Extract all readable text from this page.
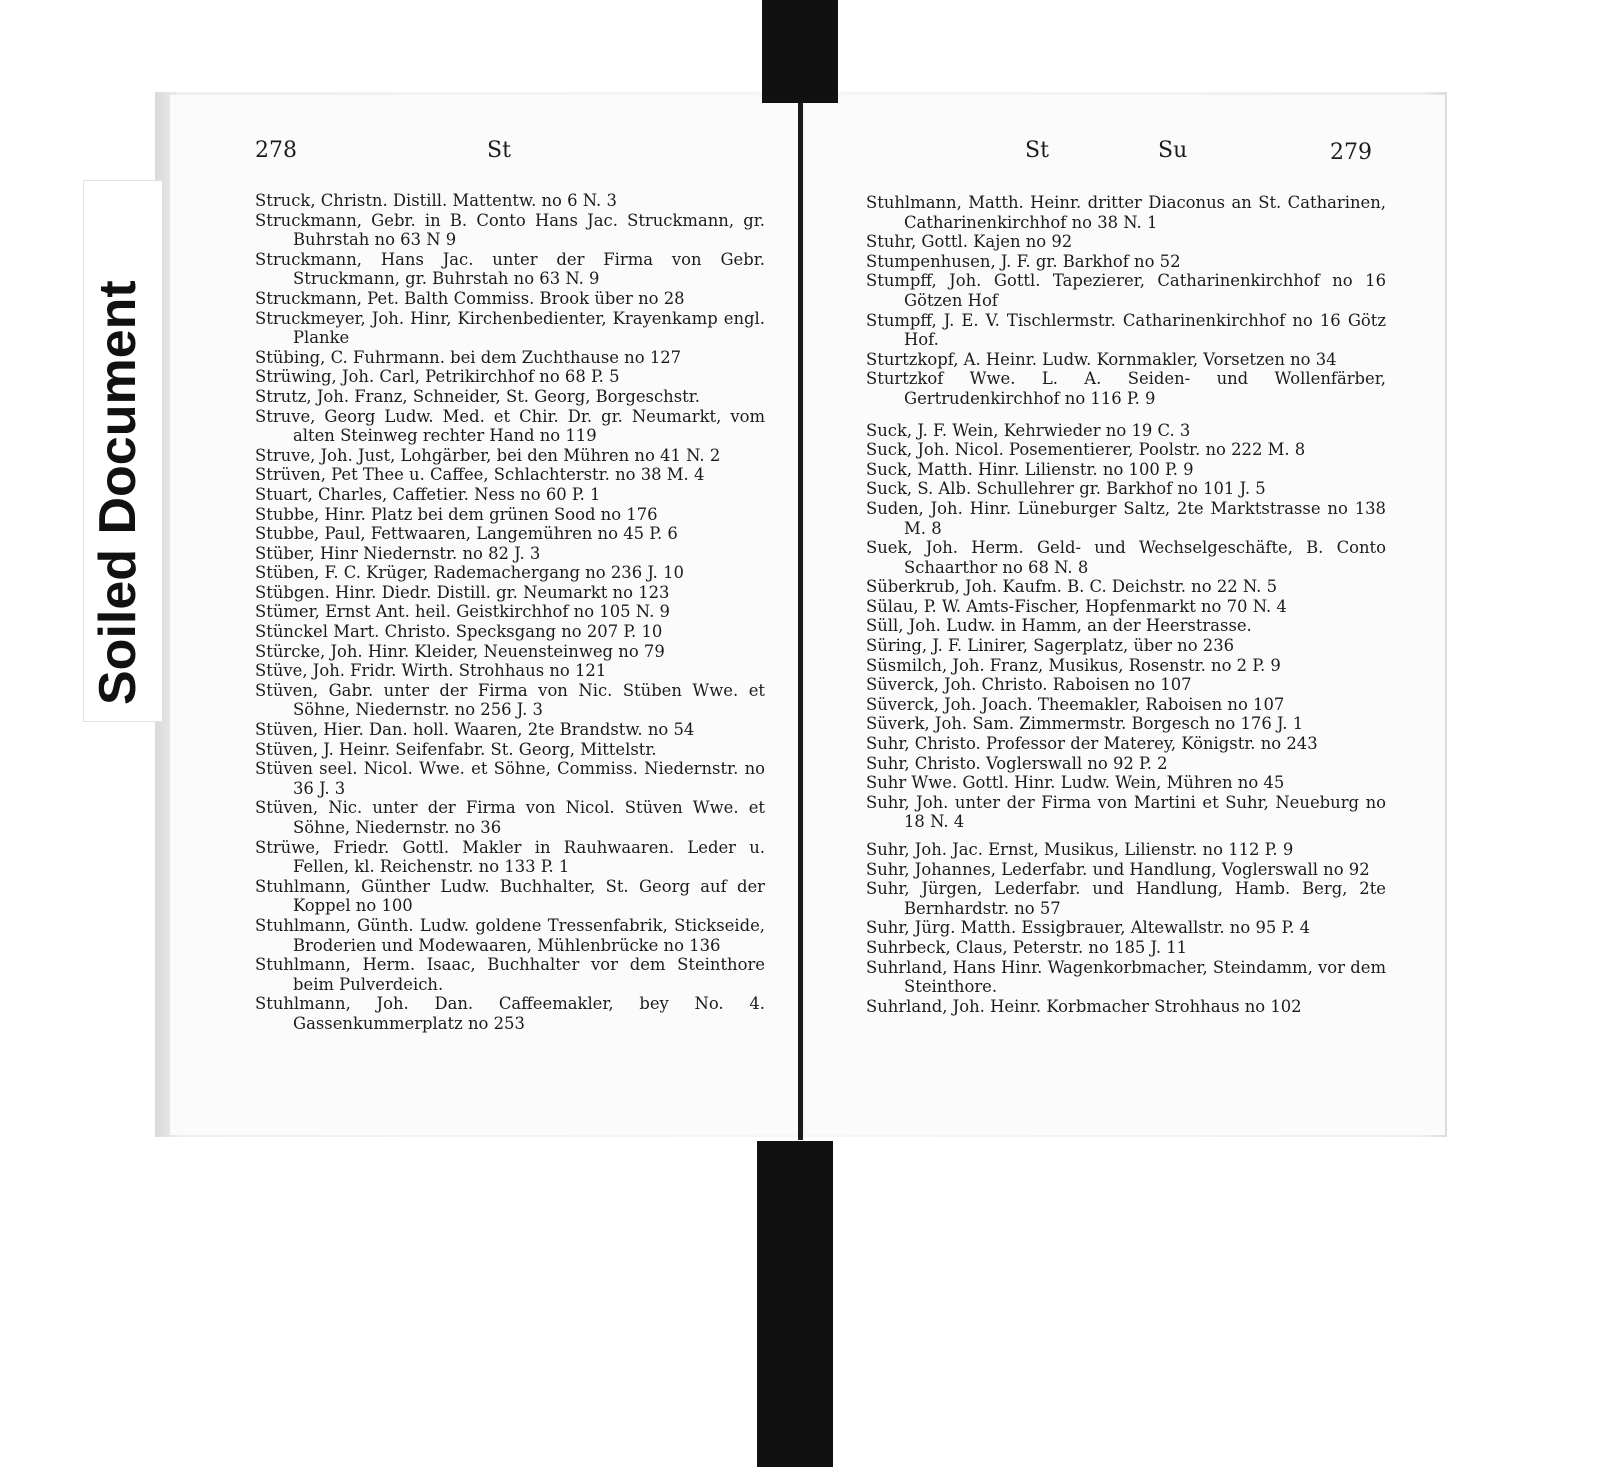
Soiled Document
278	St	St	Su	279
Struck, Christn. Distill. Mattentw. no 6 N. 3
Struckmann, Gebr. in B. Conto Hans Jac. Struckmann, gr. Buhrstah no 63 N 9
Struckmann, Hans Jac. unter der Firma von Gebr. Struckmann, gr. Buhrstah no 63 N. 9
Struckmann, Pet. Balth Commiss. Brook über no 28
Struckmeyer, Joh. Hinr, Kirchenbedienter, Krayenkamp engl. Planke
Stübing, C. Fuhrmann. bei dem Zuchthause no 127
Strüwing, Joh. Carl, Petrikirchhof no 68 P. 5
Strutz, Joh. Franz, Schneider, St. Georg, Borgeschstr.
Struve, Georg Ludw. Med. et Chir. Dr. gr. Neumarkt, vom alten Steinweg rechter Hand no 119
Struve, Joh. Just, Lohgärber, bei den Mühren no 41 N. 2
Strüven, Pet Thee u. Caffee, Schlachterstr. no 38 M. 4
Stuart, Charles, Caffetier. Ness no 60 P. 1
Stubbe, Hinr. Platz bei dem grünen Sood no 176
Stubbe, Paul, Fettwaaren, Langemühren no 45 P. 6
Stüber, Hinr Niedernstr. no 82 J. 3
Stüben, F. C. Krüger, Rademachergang no 236 J. 10
Stübgen. Hinr. Diedr. Distill. gr. Neumarkt no 123
Stümer, Ernst Ant. heil. Geistkirchhof no 105 N. 9
Stünckel Mart. Christo. Specksgang no 207 P. 10
Stürcke, Joh. Hinr. Kleider, Neuensteinweg no 79
Stüve, Joh. Fridr. Wirth. Strohhaus no 121
Stüven, Gabr. unter der Firma von Nic. Stüben Wwe. et Söhne, Niedernstr. no 256 J. 3
Stüven, Hier. Dan. holl. Waaren, 2te Brandstw. no 54
Stüven, J. Heinr. Seifenfabr. St. Georg, Mittelstr.
Stüven seel. Nicol. Wwe. et Söhne, Commiss. Niedernstr. no 36 J. 3
Stüven, Nic. unter der Firma von Nicol. Stüven Wwe. et Söhne, Niedernstr. no 36
Strüwe, Friedr. Gottl. Makler in Rauhwaaren. Leder u. Fellen, kl. Reichenstr. no 133 P. 1
Stuhlmann, Günther Ludw. Buchhalter, St. Georg auf der Koppel no 100
Stuhlmann, Günth. Ludw. goldene Tressenfabrik, Stickseide, Broderien und Modewaaren, Mühlenbrücke no 136
Stuhlmann, Herm. Isaac, Buchhalter vor dem Steinthore beim Pulverdeich.
Stuhlmann, Joh. Dan. Caffeemakler, bey No. 4. Gassenkummerplatz no 253
Stuhlmann, Matth. Heinr. dritter Diaconus an St. Catharinen, Catharinenkirchhof no 38 N. 1
Stuhr, Gottl. Kajen no 92
Stumpenhusen, J. F. gr. Barkhof no 52
Stumpff, Joh. Gottl. Tapezierer, Catharinenkirchhof no 16 Götzen Hof
Stumpff, J. E. V. Tischlermstr. Catharinenkirchhof no 16 Götz Hof.
Sturtzkopf, A. Heinr. Ludw. Kornmakler, Vorsetzen no 34
Sturtzkof Wwe. L. A. Seiden- und Wollenfärber, Gertrudenkirchhof no 116 P. 9
Suck, J. F. Wein, Kehrwieder no 19 C. 3
Suck, Joh. Nicol. Posementierer, Poolstr. no 222 M. 8
Suck, Matth. Hinr. Lilienstr. no 100 P. 9
Suck, S. Alb. Schullehrer gr. Barkhof no 101 J. 5
Suden, Joh. Hinr. Lüneburger Saltz, 2te Marktstrasse no 138 M. 8
Suek, Joh. Herm. Geld- und Wechselgeschäfte, B. Conto Schaarthor no 68 N. 8
Süberkrub, Joh. Kaufm. B. C. Deichstr. no 22 N. 5
Sülau, P. W. Amts-Fischer, Hopfenmarkt no 70 N. 4
Süll, Joh. Ludw. in Hamm, an der Heerstrasse.
Süring, J. F. Linirer, Sagerplatz, über no 236
Süsmilch, Joh. Franz, Musikus, Rosenstr. no 2 P. 9
Süverck, Joh. Christo. Raboisen no 107
Süverck, Joh. Joach. Theemakler, Raboisen no 107
Süverk, Joh. Sam. Zimmermstr. Borgesch no 176 J. 1
Suhr, Christo. Professor der Materey, Königstr. no 243
Suhr, Christo. Voglerswall no 92 P. 2
Suhr Wwe. Gottl. Hinr. Ludw. Wein, Mühren no 45
Suhr, Joh. unter der Firma von Martini et Suhr, Neueburg no 18 N. 4
Suhr, Joh. Jac. Ernst, Musikus, Lilienstr. no 112 P. 9
Suhr, Johannes, Lederfabr. und Handlung, Voglerswall no 92
Suhr, Jürgen, Lederfabr. und Handlung, Hamb. Berg, 2te Bernhardstr. no 57
Suhr, Jürg. Matth. Essigbrauer, Altewallstr. no 95 P. 4
Suhrbeck, Claus, Peterstr. no 185 J. 11
Suhrland, Hans Hinr. Wagenkorbmacher, Steindamm, vor dem Steinthore.
Suhrland, Joh. Heinr. Korbmacher Strohhaus no 102
